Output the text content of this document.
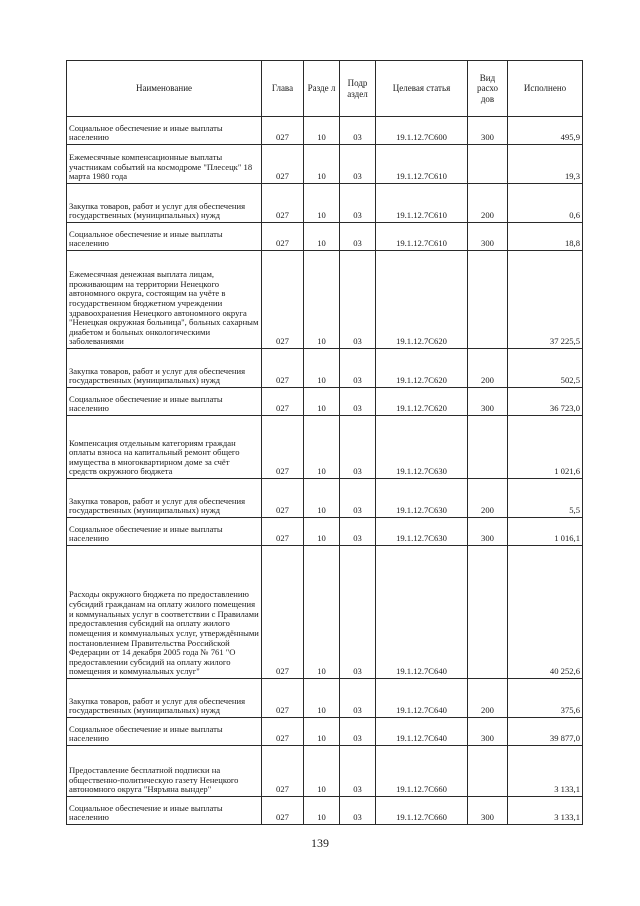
Наименование	Глава	Разде л	Подр аздел	Целевая статья	Вид расхо дов	Исполнено
Социальное обеспечение и иные выплаты населению	027	10	03	19.1.12.7С600	300	495,9
Ежемесячные компенсационные выплаты участникам событий на космодроме "Плесецк" 18 марта 1980 года	027	10	03	19.1.12.7С610		19,3
Закупка товаров, работ и услуг для обеспечения государственных (муниципальных) нужд	027	10	03	19.1.12.7С610	200	0,6
Социальное обеспечение и иные выплаты населению	027	10	03	19.1.12.7С610	300	18,8
Ежемесячная денежная выплата лицам, проживающим на территории Ненецкого автономного округа, состоящим на учёте в государственном бюджетном учреждении здравоохранения Ненецкого автономного округа "Ненецкая окружная больница", больных сахарным диабетом и больных онкологическими заболеваниями	027	10	03	19.1.12.7С620		37 225,5
Закупка товаров, работ и услуг для обеспечения государственных (муниципальных) нужд	027	10	03	19.1.12.7С620	200	502,5
Социальное обеспечение и иные выплаты населению	027	10	03	19.1.12.7С620	300	36 723,0
Компенсация отдельным категориям граждан оплаты взноса на капитальный ремонт общего имущества в многоквартирном доме за счёт средств окружного бюджета	027	10	03	19.1.12.7С630		1 021,6
Закупка товаров, работ и услуг для обеспечения государственных (муниципальных) нужд	027	10	03	19.1.12.7С630	200	5,5
Социальное обеспечение и иные выплаты населению	027	10	03	19.1.12.7С630	300	1 016,1
Расходы окружного бюджета по предоставлению субсидий гражданам на оплату жилого помещения и коммунальных услуг в соответствии с Правилами предоставления субсидий на оплату жилого помещения и коммунальных услуг, утверждёнными постановлением Правительства Российской Федерации от 14 декабря 2005 года № 761 "О предоставлении субсидий на оплату жилого помещения и коммунальных услуг"	027	10	03	19.1.12.7С640		40 252,6
Закупка товаров, работ и услуг для обеспечения государственных (муниципальных) нужд	027	10	03	19.1.12.7С640	200	375,6
Социальное обеспечение и иные выплаты населению	027	10	03	19.1.12.7С640	300	39 877,0
Предоставление бесплатной подписки на общественно-политическую газету Ненецкого автономного округа "Няръяна вындер"	027	10	03	19.1.12.7С660		3 133,1
Социальное обеспечение и иные выплаты населению	027	10	03	19.1.12.7С660	300	3 133,1
139
